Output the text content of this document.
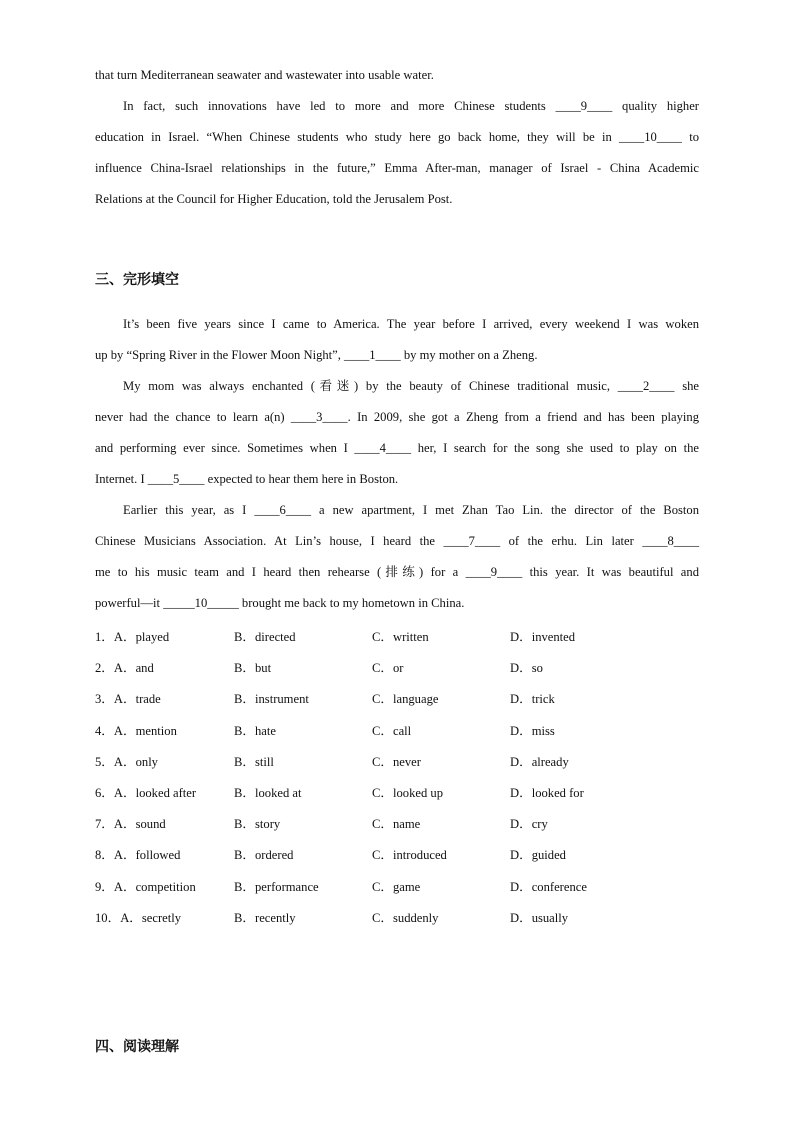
that turn Mediterranean seawater and wastewater into usable water.
In fact, such innovations have led to more and more Chinese students ____9____ quality higher
education in Israel. “When Chinese students who study here go back home, they will be in ____10____ to
influence China-Israel relationships in the future,” Emma After-man, manager of Israel - China Academic
Relations at the Council for Higher Education, told the Jerusalem Post.
三、完形填空
It’s been five years since I came to America. The year before I arrived, every weekend I was woken
up by “Spring River in the Flower Moon Night”, ____1____ by my mother on a Zheng.
My mom was always enchanted (看迷) by the beauty of Chinese traditional music, ____2____ she
never had the chance to learn a(n) ____3____. In 2009, she got a Zheng from a friend and has been playing
and performing ever since. Sometimes when I ____4____ her, I search for the song she used to play on the
Internet. I ____5____ expected to hear them here in Boston.
Earlier this year, as I ____6____ a new apartment, I met Zhan Tao Lin. the director of the Boston
Chinese Musicians Association. At Lin’s house, I heard the ____7____ of the erhu. Lin later ____8____
me to his music team and I heard then rehearse (排练) for a ____9____ this year. It was beautiful and
powerful—it _____10_____ brought me back to my hometown in China.
1．A．played	B．directed	C．written	D．invented
2．A．and	B．but	C．or	D．so
3．A．trade	B．instrument	C．language	D．trick
4．A．mention	B．hate	C．call	D．miss
5．A．only	B．still	C．never	D．already
6．A．looked after	B．looked at	C．looked up	D．looked for
7．A．sound	B．story	C．name	D．cry
8．A．followed	B．ordered	C．introduced	D．guided
9．A．competition	B．performance	C．game	D．conference
10．A．secretly	B．recently	C．suddenly	D．usually
四、阅读理解
